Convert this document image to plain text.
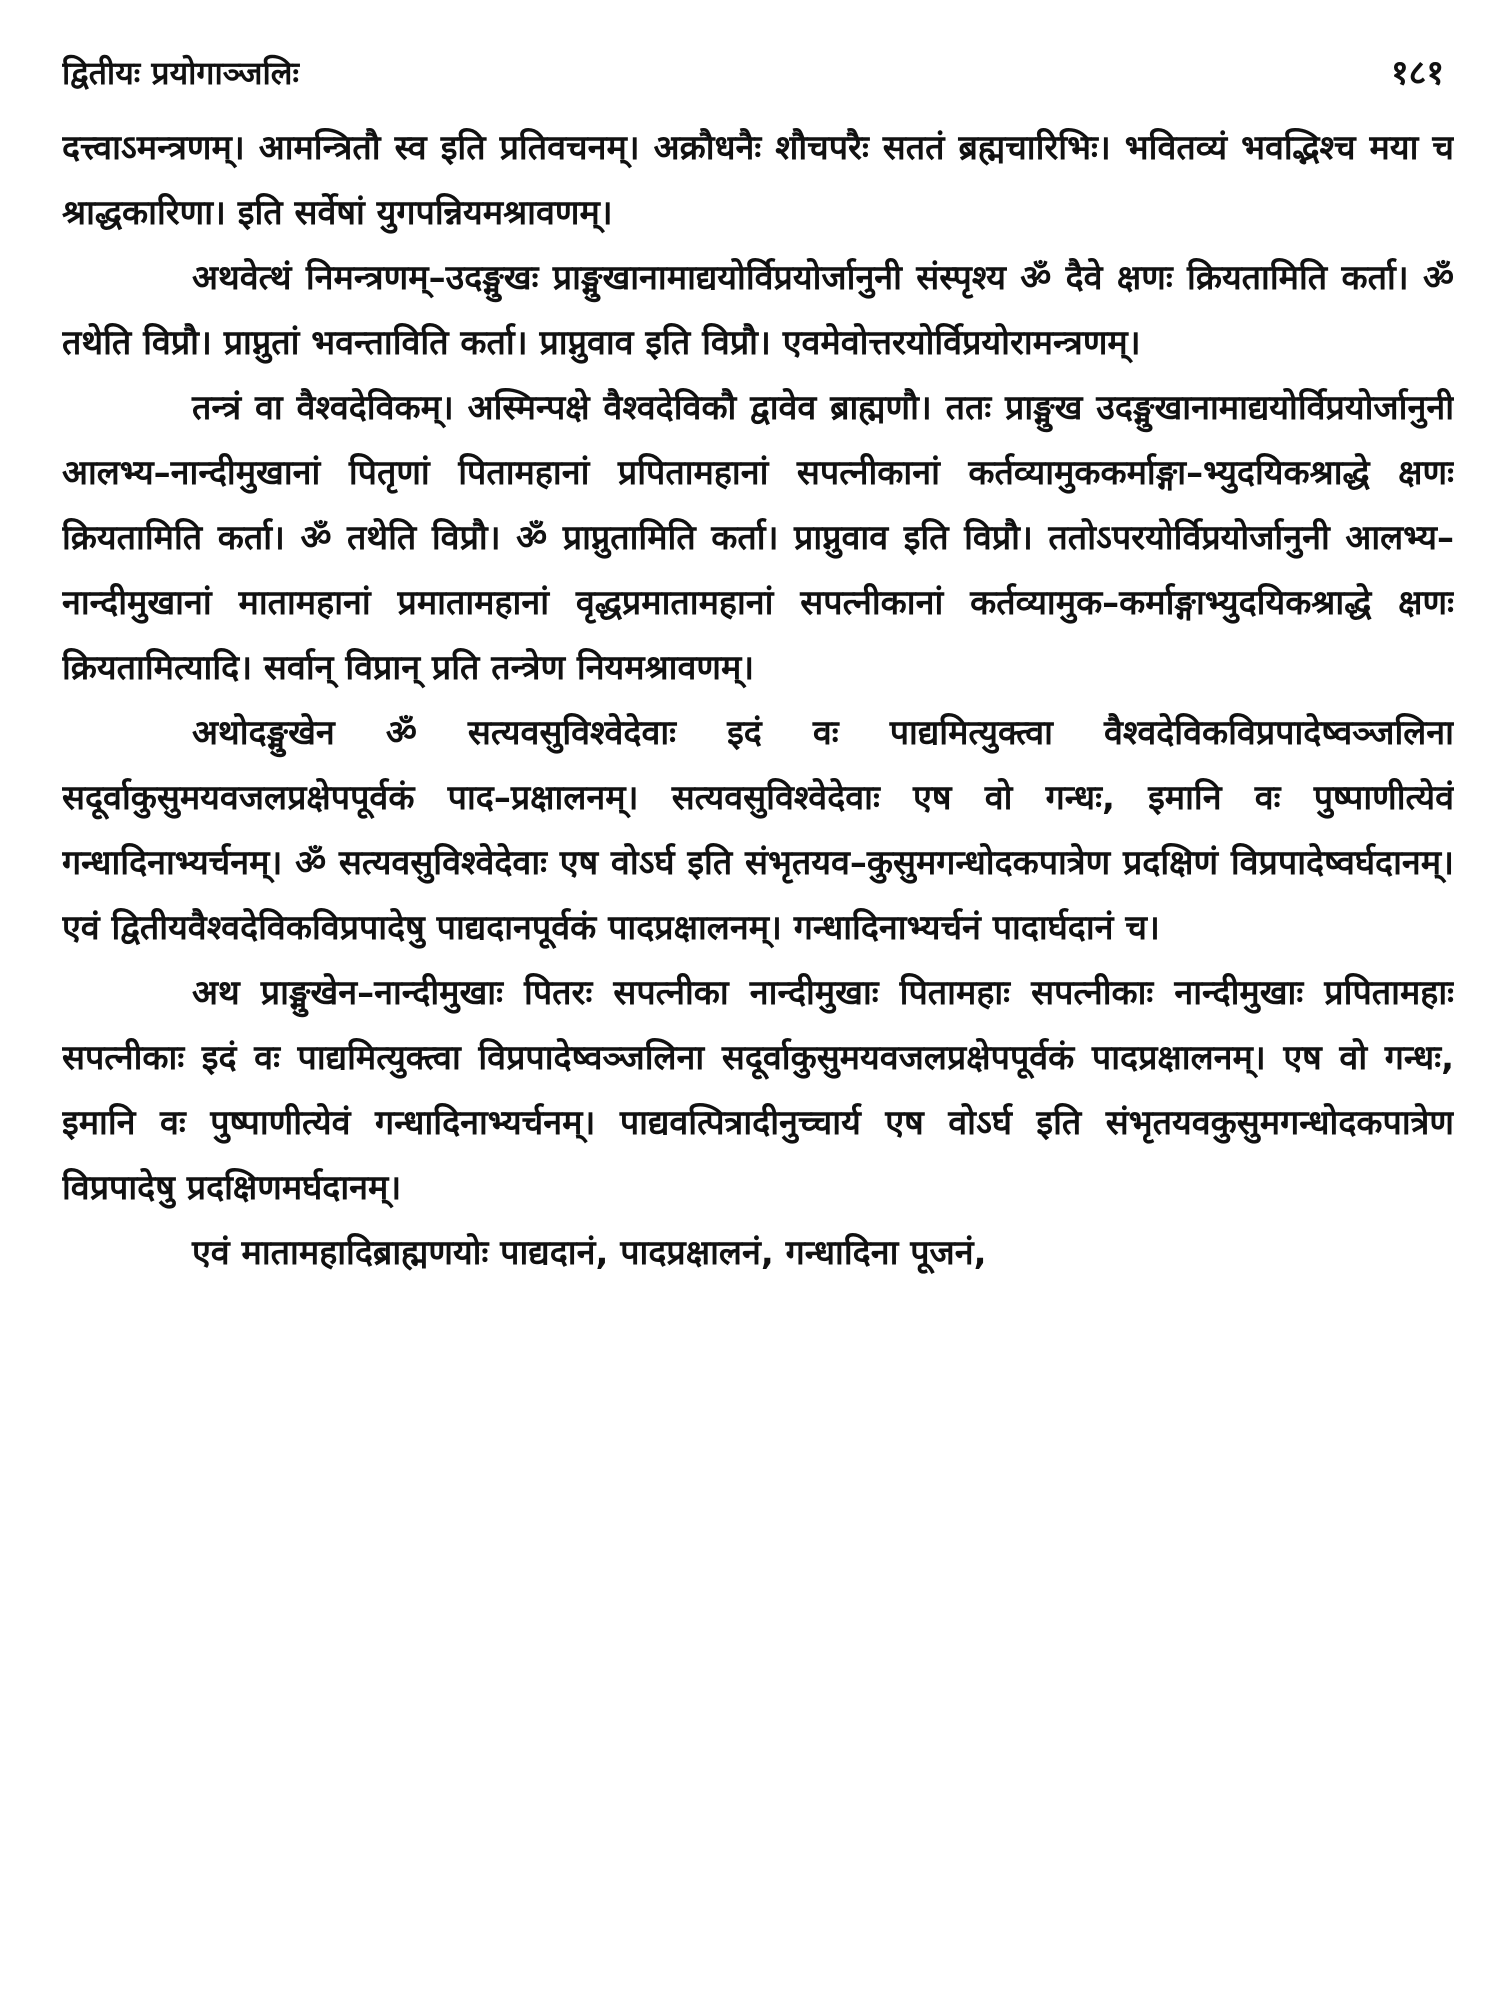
द्वितीयः प्रयोगाञ्जलिः	१८१

दत्त्वाऽमन्त्रणम्। आमन्त्रितौ स्व इति प्रतिवचनम्। अक्रौधनैः शौचपरैः सततं ब्रह्मचारिभिः। भवितव्यं भवद्भिश्च मया च श्राद्धकारिणा। इति सर्वेषां युगपन्नियमश्रावणम्।

अथवेत्थं निमन्त्रणम्–उदङ्मुखः प्राङ्मुखानामाद्ययोर्विप्रयोर्जानुनी संस्पृश्य ॐ दैवे क्षणः क्रियतामिति कर्ता। ॐ तथेति विप्रौ। प्राप्नुतां भवन्ताविति कर्ता। प्राप्नुवाव इति विप्रौ। एवमेवोत्तरयोर्विप्रयोरामन्त्रणम्।

तन्त्रं वा वैश्वदेविकम्। अस्मिन्पक्षे वैश्वदेविकौ द्वावेव ब्राह्मणौ। ततः प्राङ्मुख उदङ्मुखानामाद्ययोर्विप्रयोर्जानुनी आलभ्य–नान्दीमुखानां पितृणां पितामहानां प्रपितामहानां सपत्नीकानां कर्तव्यामुककर्माङ्गा–भ्युदयिकश्राद्धे क्षणः क्रियतामिति कर्ता। ॐ तथेति विप्रौ। ॐ प्राप्नुतामिति कर्ता। प्राप्नुवाव इति विप्रौ। ततोऽपरयोर्विप्रयोर्जानुनी आलभ्य–नान्दीमुखानां मातामहानां प्रमातामहानां वृद्धप्रमातामहानां सपत्नीकानां कर्तव्यामुक–कर्माङ्गाभ्युदयिकश्राद्धे क्षणः क्रियतामित्यादि। सर्वान् विप्रान् प्रति तन्त्रेण नियमश्रावणम्।

अथोदङ्मुखेन ॐ सत्यवसुविश्वेदेवाः इदं वः पाद्यमित्युक्त्वा वैश्वदेविकविप्रपादेष्वञ्जलिना सदूर्वाकुसुमयवजलप्रक्षेपपूर्वकं पाद–प्रक्षालनम्। सत्यवसुविश्वेदेवाः एष वो गन्धः, इमानि वः पुष्पाणीत्येवं गन्धादिनाभ्यर्चनम्। ॐ सत्यवसुविश्वेदेवाः एष वोऽर्घ इति संभृतयव–कुसुमगन्धोदकपात्रेण प्रदक्षिणं विप्रपादेष्वर्घदानम्। एवं द्वितीयवैश्वदेविकविप्रपादेषु पाद्यदानपूर्वकं पादप्रक्षालनम्। गन्धादिनाभ्यर्चनं पादार्घदानं च।

अथ प्राङ्मुखेन–नान्दीमुखाः पितरः सपत्नीका नान्दीमुखाः पितामहाः सपत्नीकाः नान्दीमुखाः प्रपितामहाः सपत्नीकाः इदं वः पाद्यमित्युक्त्वा विप्रपादेष्वञ्जलिना सदूर्वाकुसुमयवजलप्रक्षेपपूर्वकं पादप्रक्षालनम्। एष वो गन्धः, इमानि वः पुष्पाणीत्येवं गन्धादिनाभ्यर्चनम्। पाद्यवत्पित्रादीनुच्चार्य एष वोऽर्घ इति संभृतयवकुसुमगन्धोदकपात्रेण विप्रपादेषु प्रदक्षिणमर्घदानम्।

एवं मातामहादिब्राह्मणयोः पाद्यदानं, पादप्रक्षालनं, गन्धादिना पूजनं,
